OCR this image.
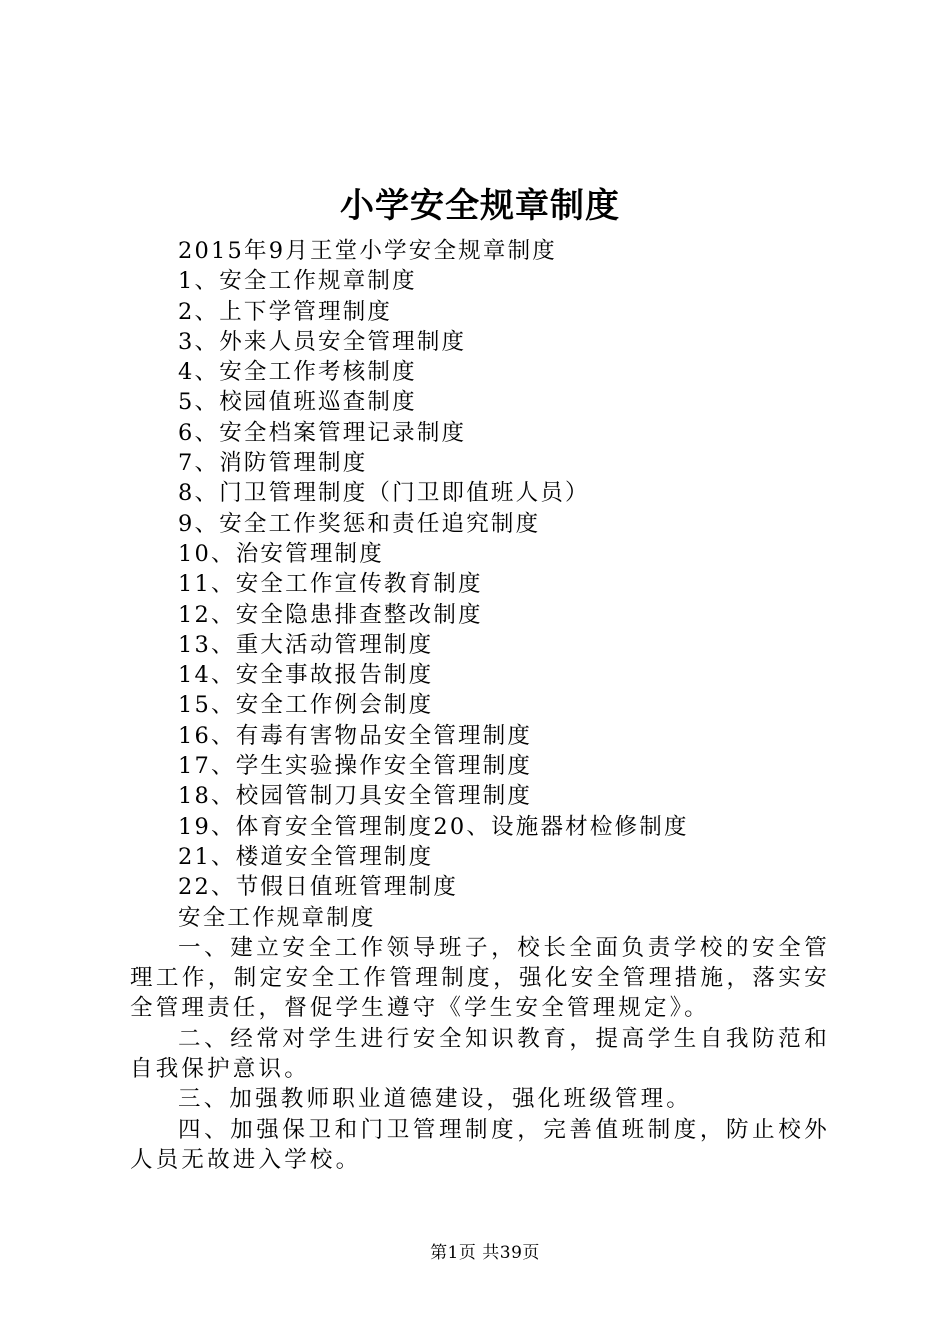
小学安全规章制度
2015年9月王堂小学安全规章制度
1、安全工作规章制度
2、上下学管理制度
3、外来人员安全管理制度
4、安全工作考核制度
5、校园值班巡查制度
6、安全档案管理记录制度
7、消防管理制度
8、门卫管理制度（门卫即值班人员）
9、安全工作奖惩和责任追究制度
10、治安管理制度
11、安全工作宣传教育制度
12、安全隐患排查整改制度
13、重大活动管理制度
14、安全事故报告制度
15、安全工作例会制度
16、有毒有害物品安全管理制度
17、学生实验操作安全管理制度
18、校园管制刀具安全管理制度
19、体育安全管理制度20、设施器材检修制度
21、楼道安全管理制度
22、节假日值班管理制度
安全工作规章制度

一、建立安全工作领导班子，校长全面负责学校的安全管理工作，制定安全工作管理制度，强化安全管理措施，落实安全管理责任，督促学生遵守《学生安全管理规定》。

二、经常对学生进行安全知识教育，提高学生自我防范和自我保护意识。

三、加强教师职业道德建设，强化班级管理。

四、加强保卫和门卫管理制度，完善值班制度，防止校外人员无故进入学校。

第1页 共39页
